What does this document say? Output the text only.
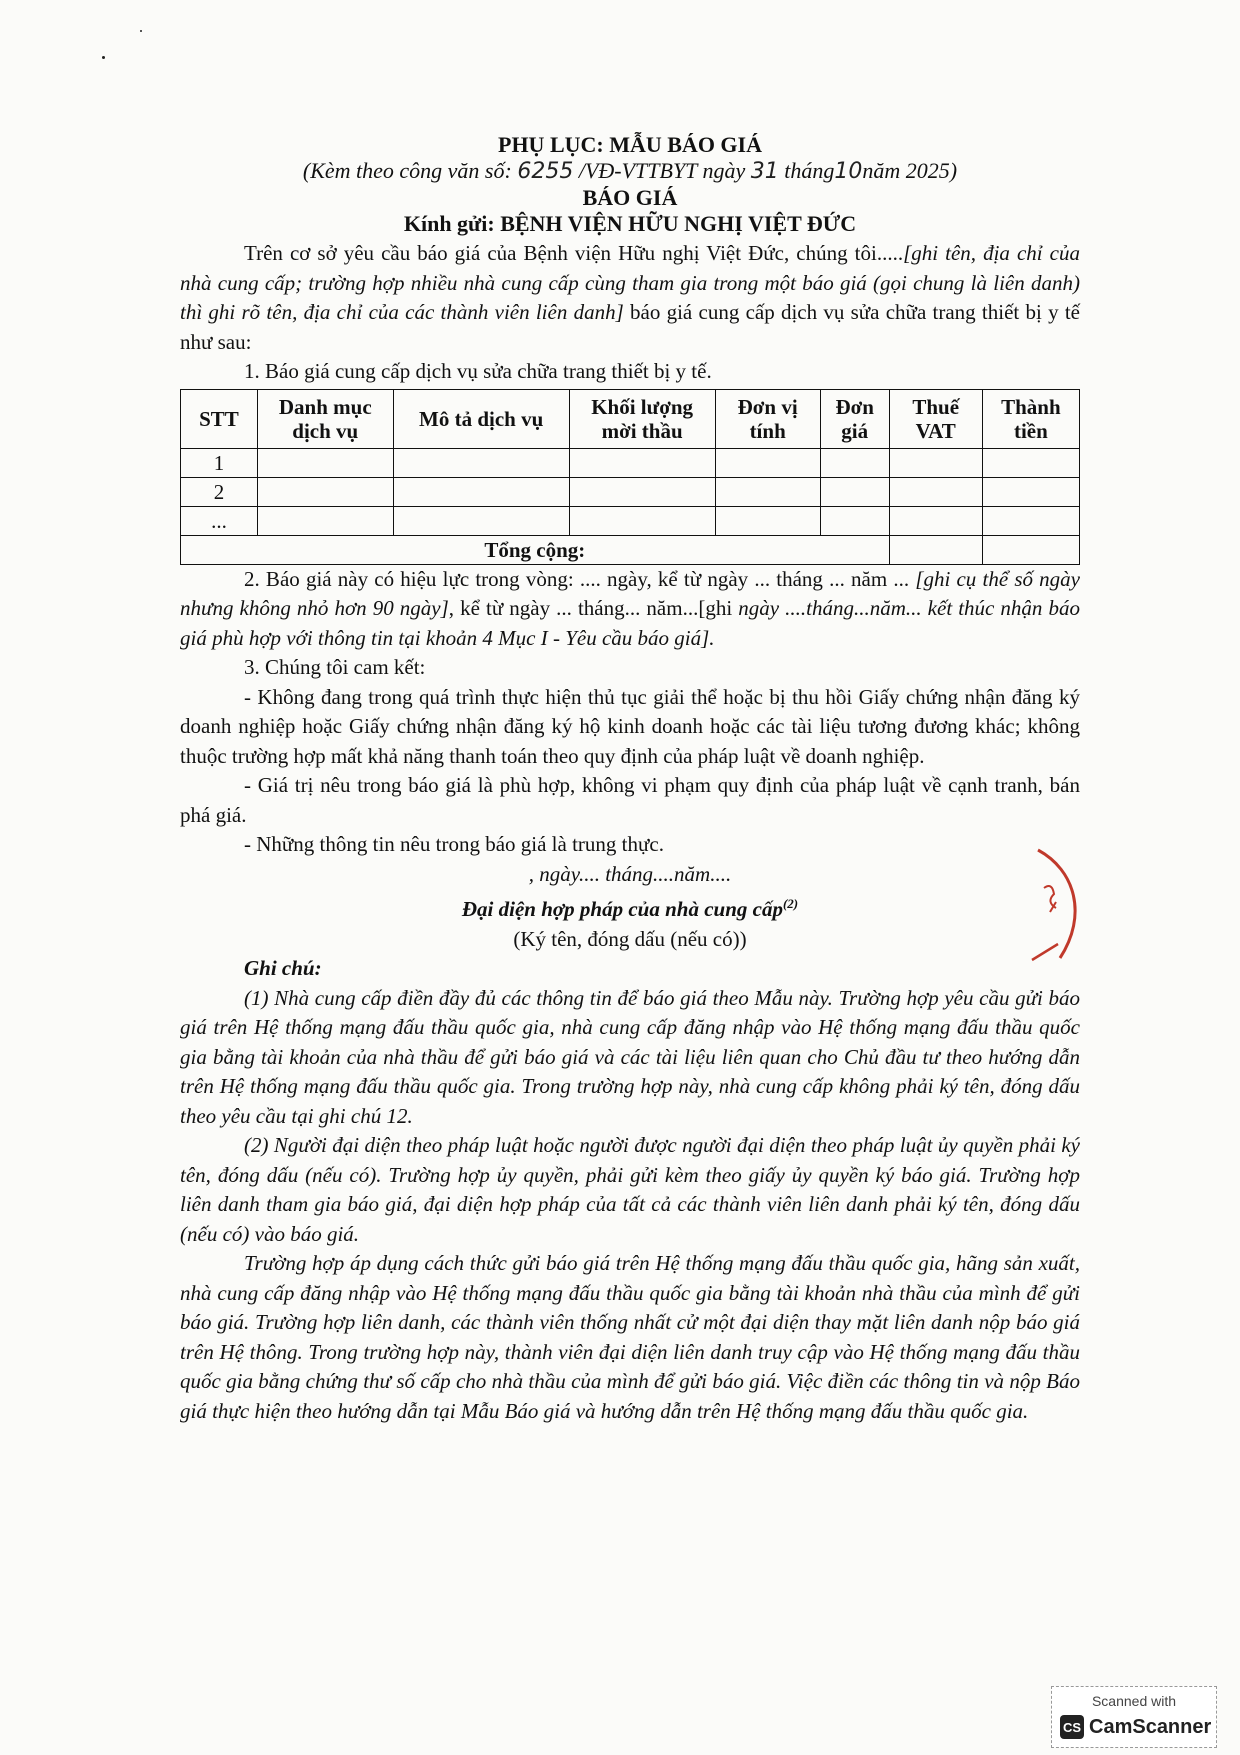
PHỤ LỤC: MẪU BÁO GIÁ
(Kèm theo công văn số: 6255 /VĐ-VTTBYT ngày 31 tháng10năm 2025)
BÁO GIÁ
Kính gửi: BỆNH VIỆN HỮU NGHỊ VIỆT ĐỨC

Trên cơ sở yêu cầu báo giá của Bệnh viện Hữu nghị Việt Đức, chúng tôi.....[ghi tên, địa chỉ của nhà cung cấp; trường hợp nhiều nhà cung cấp cùng tham gia trong một báo giá (gọi chung là liên danh) thì ghi rõ tên, địa chỉ của các thành viên liên danh] báo giá cung cấp dịch vụ sửa chữa trang thiết bị y tế như sau:

1. Báo giá cung cấp dịch vụ sửa chữa trang thiết bị y tế.

STT	Danh mục dịch vụ	Mô tả dịch vụ	Khối lượng mời thầu	Đơn vị tính	Đơn giá	Thuế VAT	Thành tiền
1							
2							
...							
Tổng cộng:							

2. Báo giá này có hiệu lực trong vòng: .... ngày, kể từ ngày ... tháng ... năm ... [ghi cụ thể số ngày nhưng không nhỏ hơn 90 ngày], kể từ ngày ... tháng... năm...[ghi ngày ....tháng...năm... kết thúc nhận báo giá phù hợp với thông tin tại khoản 4 Mục I - Yêu cầu báo giá].

3. Chúng tôi cam kết:

- Không đang trong quá trình thực hiện thủ tục giải thể hoặc bị thu hồi Giấy chứng nhận đăng ký doanh nghiệp hoặc Giấy chứng nhận đăng ký hộ kinh doanh hoặc các tài liệu tương đương khác; không thuộc trường hợp mất khả năng thanh toán theo quy định của pháp luật về doanh nghiệp.

- Giá trị nêu trong báo giá là phù hợp, không vi phạm quy định của pháp luật về cạnh tranh, bán phá giá.

- Những thông tin nêu trong báo giá là trung thực.

, ngày.... tháng....năm....
Đại diện hợp pháp của nhà cung cấp$^{(2)}$
(Ký tên, đóng dấu (nếu có))
Ghi chú:

(1) Nhà cung cấp điền đầy đủ các thông tin để báo giá theo Mẫu này. Trường hợp yêu cầu gửi báo giá trên Hệ thống mạng đấu thầu quốc gia, nhà cung cấp đăng nhập vào Hệ thống mạng đấu thầu quốc gia bằng tài khoản của nhà thầu để gửi báo giá và các tài liệu liên quan cho Chủ đầu tư theo hướng dẫn trên Hệ thống mạng đấu thầu quốc gia. Trong trường hợp này, nhà cung cấp không phải ký tên, đóng dấu theo yêu cầu tại ghi chú 12.

(2) Người đại diện theo pháp luật hoặc người được người đại diện theo pháp luật ủy quyền phải ký tên, đóng dấu (nếu có). Trường hợp ủy quyền, phải gửi kèm theo giấy ủy quyền ký báo giá. Trường hợp liên danh tham gia báo giá, đại diện hợp pháp của tất cả các thành viên liên danh phải ký tên, đóng dấu (nếu có) vào báo giá.

Trường hợp áp dụng cách thức gửi báo giá trên Hệ thống mạng đấu thầu quốc gia, hãng sản xuất, nhà cung cấp đăng nhập vào Hệ thống mạng đấu thầu quốc gia bằng tài khoản nhà thầu của mình để gửi báo giá. Trường hợp liên danh, các thành viên thống nhất cử một đại diện thay mặt liên danh nộp báo giá trên Hệ thông. Trong trường hợp này, thành viên đại diện liên danh truy cập vào Hệ thống mạng đấu thầu quốc gia bằng chứng thư số cấp cho nhà thầu của mình để gửi báo giá. Việc điền các thông tin và nộp Báo giá thực hiện theo hướng dẫn tại Mẫu Báo giá và hướng dẫn trên Hệ thống mạng đấu thầu quốc gia.

Scanned with
CS CamScanner
